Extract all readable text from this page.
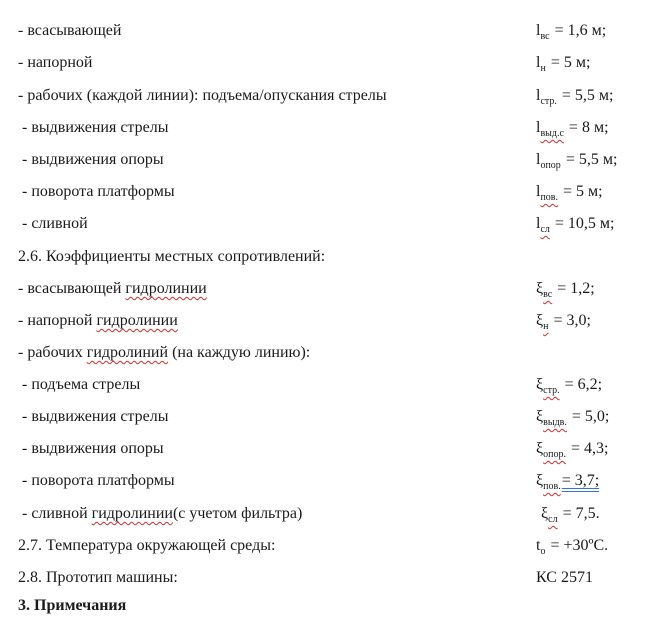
- всасывающей	$l_{вс} = 1,6$ м;
- напорной	$l_н = 5$ м;
- рабочих (каждой линии): подъема/опускания стрелы	$l_{стр.} = 5,5$ м;
- выдвижения стрелы	$l_{выд.с} = 8$ м;
- выдвижения опоры	$l_{опор} = 5,5$ м;
- поворота платформы	$l_{пов.} = 5$ м;
- сливной	$l_{сл} = 10,5$ м;
2.6. Коэффициенты местных сопротивлений:
- всасывающей гидролинии	$\xi_{вс} = 1,2$;
- напорной гидролинии	$\xi_н = 3,0$;
- рабочих гидролиний (на каждую линию):
- подъема стрелы	$\xi_{стр.} = 6,2$;
- выдвижения стрелы	$\xi_{выдв.} = 5,0$;
- выдвижения опоры	$\xi_{опор.} = 4,3$;
- поворота платформы	$\xi_{пов.}= 3,7$;
- сливной гидролинии(с учетом фильтра)	$\xi_{сл} = 7,5$.
2.7. Температура окружающей среды:	$t_о$ = +30ºС.
2.8. Прототип машины:	КС 2571
3. Примечания
